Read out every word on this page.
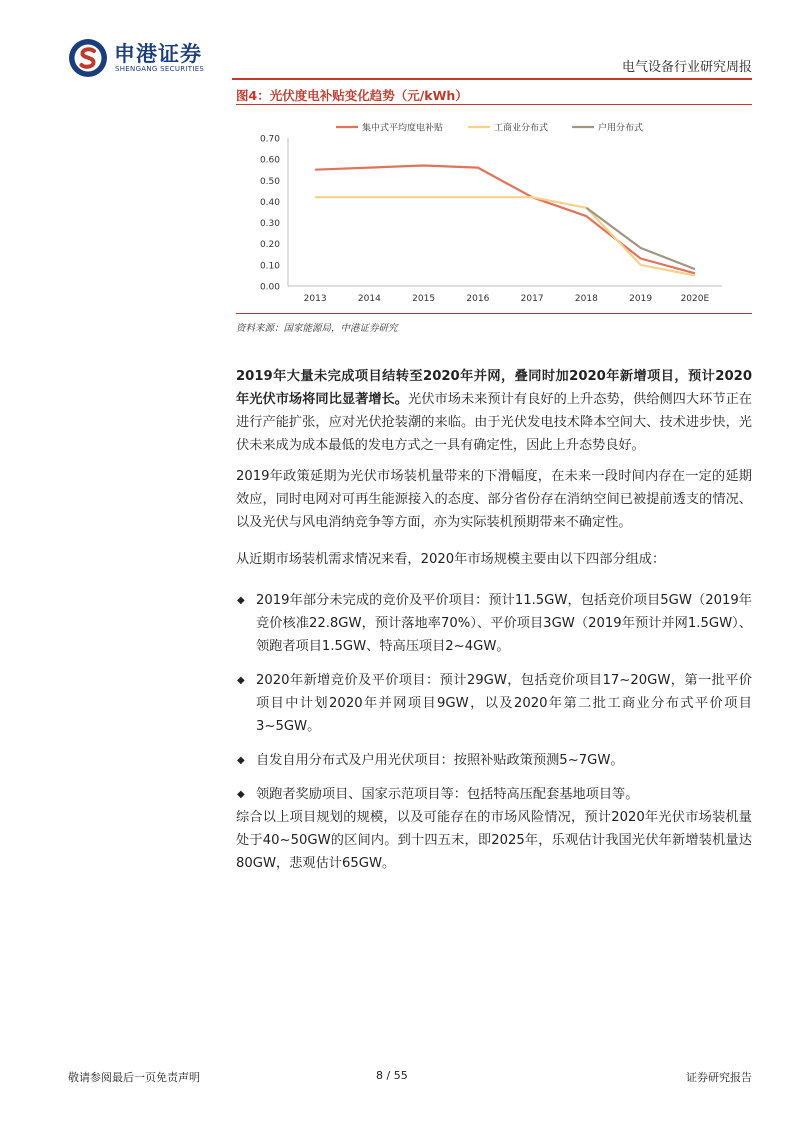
申港证券
SHENGANG SECURITIES	电气设备行业研究周报
图4：光伏度电补贴变化趋势（元/kWh）
0.00
0.10
0.20
0.30
0.40
0.50
0.60
0.70
2013	2014	2015	2016	2017	2018	2019	2020E
集中式平均度电补贴	工商业分布式	户用分布式
资料来源：国家能源局，中港证券研究
2019年大量未完成项目结转至2020年并网，叠同时加2020年新增项目，预计2020年光伏市场将同比显著增长。光伏市场未来预计有良好的上升态势，供给侧四大环节正在进行产能扩张，应对光伏抢装潮的来临。由于光伏发电技术降本空间大、技术进步快，光伏未来成为成本最低的发电方式之一具有确定性，因此上升态势良好。
2019年政策延期为光伏市场装机量带来的下滑幅度，在未来一段时间内存在一定的延期效应，同时电网对可再生能源接入的态度、部分省份存在消纳空间已被提前透支的情况、以及光伏与风电消纳竞争等方面，亦为实际装机预期带来不确定性。
从近期市场装机需求情况来看，2020年市场规模主要由以下四部分组成：
◆ 2019年部分未完成的竞价及平价项目：预计11.5GW，包括竞价项目5GW（2019年竞价核准22.8GW，预计落地率70%）、平价项目3GW（2019年预计并网1.5GW）、领跑者项目1.5GW、特高压项目2~4GW。
◆ 2020年新增竞价及平价项目：预计29GW，包括竞价项目17~20GW，第一批平价项目中计划2020年并网项目9GW，以及2020年第二批工商业分布式平价项目3~5GW。
◆ 自发自用分布式及户用光伏项目：按照补贴政策预测5~7GW。
◆ 领跑者奖励项目、国家示范项目等：包括特高压配套基地项目等。
综合以上项目规划的规模，以及可能存在的市场风险情况，预计2020年光伏市场装机量处于40~50GW的区间内。到十四五末，即2025年，乐观估计我国光伏年新增装机量达80GW，悲观估计65GW。
敬请参阅最后一页免责声明	8 / 55	证券研究报告
